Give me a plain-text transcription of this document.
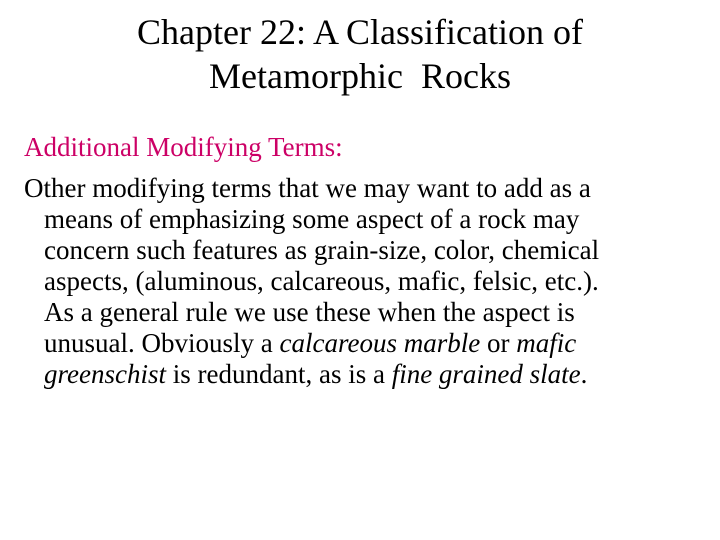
Chapter 22: A Classification of
Metamorphic  Rocks
Additional Modifying Terms:
Other modifying terms that we may want to add as a
means of emphasizing some aspect of a rock may
concern such features as grain-size, color, chemical
aspects, (aluminous, calcareous, mafic, felsic, etc.).
As a general rule we use these when the aspect is
unusual. Obviously a calcareous marble or mafic
greenschist is redundant, as is a fine grained slate.
